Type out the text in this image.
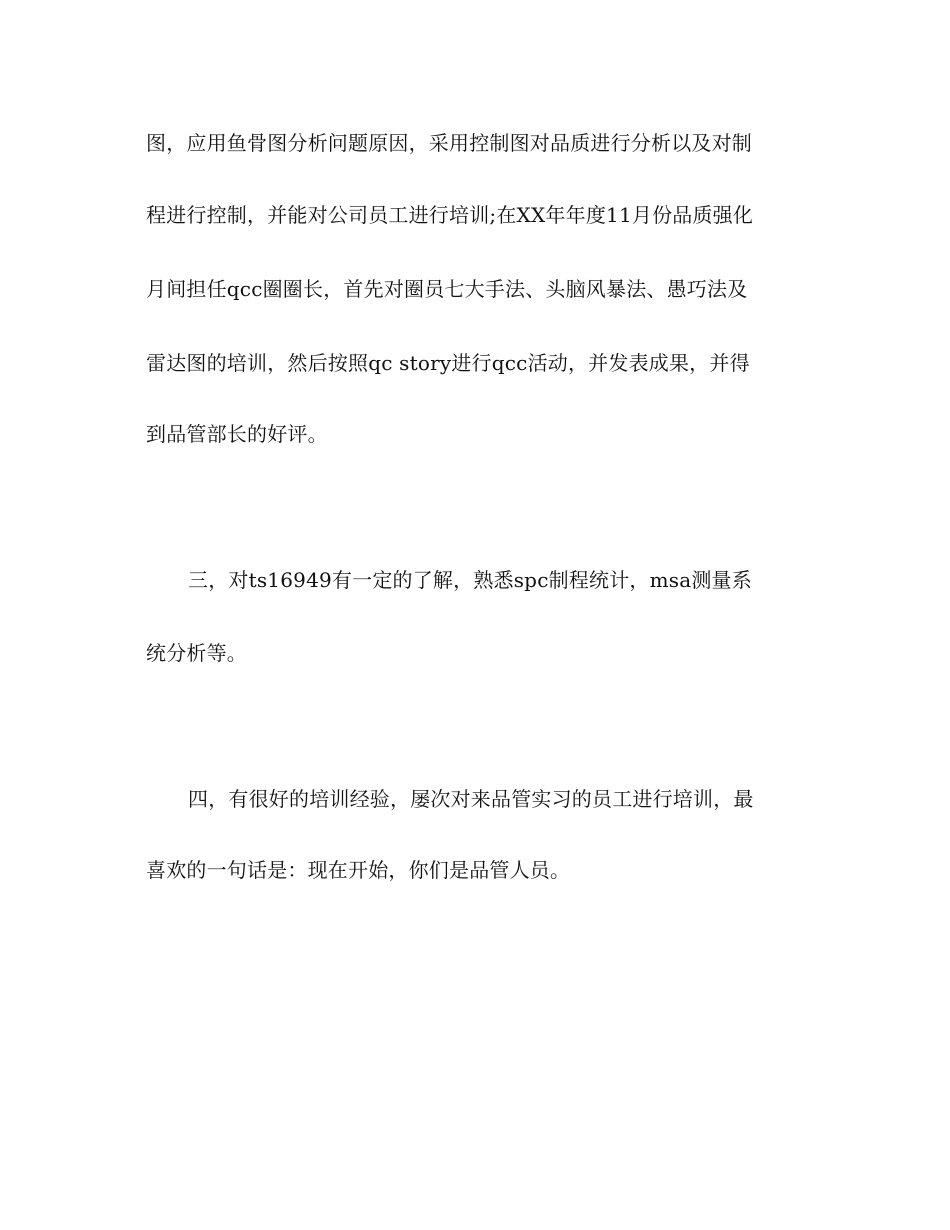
图，应用鱼骨图分析问题原因，采用控制图对品质进行分析以及对制
程进行控制，并能对公司员工进行培训;在XX年年度11月份品质强化
月间担任qcc圈圈长，首先对圈员七大手法、头脑风暴法、愚巧法及
雷达图的培训，然后按照qc story进行qcc活动，并发表成果，并得
到品管部长的好评。
三，对ts16949有一定的了解，熟悉spc制程统计，msa测量系
统分析等。
四，有很好的培训经验，屡次对来品管实习的员工进行培训，最
喜欢的一句话是：现在开始，你们是品管人员。
